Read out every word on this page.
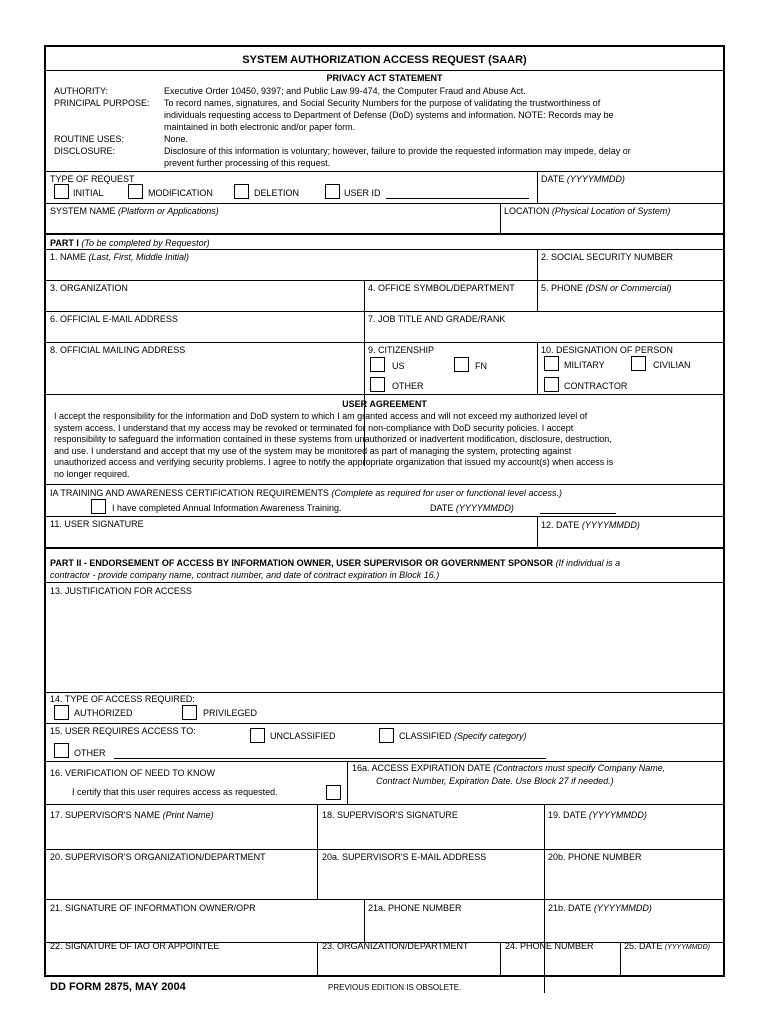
SYSTEM AUTHORIZATION ACCESS REQUEST (SAAR)
PRIVACY ACT STATEMENT
AUTHORITY:	Executive Order 10450, 9397; and Public Law 99-474, the Computer Fraud and Abuse Act.
PRINCIPAL PURPOSE: To record names, signatures, and Social Security Numbers for the purpose of validating the trustworthiness of
individuals requesting access to Department of Defense (DoD) systems and information. NOTE: Records may be
maintained in both electronic and/or paper form.
ROUTINE USES:	None.
DISCLOSURE:	Disclosure of this information is voluntary; however, failure to provide the requested information may impede, delay or
prevent further processing of this request.
TYPE OF REQUEST
INITIAL	MODIFICATION	DELETION	USER ID
DATE (YYYYMMDD)
SYSTEM NAME (Platform or Applications)	LOCATION (Physical Location of System)
PART I (To be completed by Requestor)
1. NAME (Last, First, Middle Initial)	2. SOCIAL SECURITY NUMBER
3. ORGANIZATION	4. OFFICE SYMBOL/DEPARTMENT	5. PHONE (DSN or Commercial)
6. OFFICIAL E-MAIL ADDRESS	7. JOB TITLE AND GRADE/RANK
8. OFFICIAL MAILING ADDRESS	9. CITIZENSHIP
US	FN
OTHER
10. DESIGNATION OF PERSON
MILITARY	CIVILIAN
CONTRACTOR
USER AGREEMENT
I accept the responsibility for the information and DoD system to which I am granted access and will not exceed my authorized level of
system access. I understand that my access may be revoked or terminated for non-compliance with DoD security policies. I accept
responsibility to safeguard the information contained in these systems from unauthorized or inadvertent modification, disclosure, destruction,
and use. I understand and accept that my use of the system may be monitored as part of managing the system, protecting against
unauthorized access and verifying security problems. I agree to notify the appropriate organization that issued my account(s) when access is
no longer required.
IA TRAINING AND AWARENESS CERTIFICATION REQUIREMENTS (Complete as required for user or functional level access.)
I have completed Annual Information Awareness Training.	DATE (YYYYMMDD)
11. USER SIGNATURE	12. DATE (YYYYMMDD)
PART II - ENDORSEMENT OF ACCESS BY INFORMATION OWNER, USER SUPERVISOR OR GOVERNMENT SPONSOR (If individual is a
contractor - provide company name, contract number, and date of contract expiration in Block 16.)
13. JUSTIFICATION FOR ACCESS
14. TYPE OF ACCESS REQUIRED:
AUTHORIZED	PRIVILEGED
15. USER REQUIRES ACCESS TO:	UNCLASSIFIED	CLASSIFIED (Specify category)
OTHER
16. VERIFICATION OF NEED TO KNOW
I certify that this user requires access as requested.
16a. ACCESS EXPIRATION DATE (Contractors must specify Company Name,
Contract Number, Expiration Date. Use Block 27 if needed.)
17. SUPERVISOR'S NAME (Print Name)	18. SUPERVISOR'S SIGNATURE	19. DATE (YYYYMMDD)
20. SUPERVISOR'S ORGANIZATION/DEPARTMENT	20a. SUPERVISOR'S E-MAIL ADDRESS	20b. PHONE NUMBER
21. SIGNATURE OF INFORMATION OWNER/OPR	21a. PHONE NUMBER	21b. DATE (YYYYMMDD)
22. SIGNATURE OF IAO OR APPOINTEE	23. ORGANIZATION/DEPARTMENT	24. PHONE NUMBER	25. DATE (YYYYMMDD)
DD FORM 2875, MAY 2004	PREVIOUS EDITION IS OBSOLETE.
